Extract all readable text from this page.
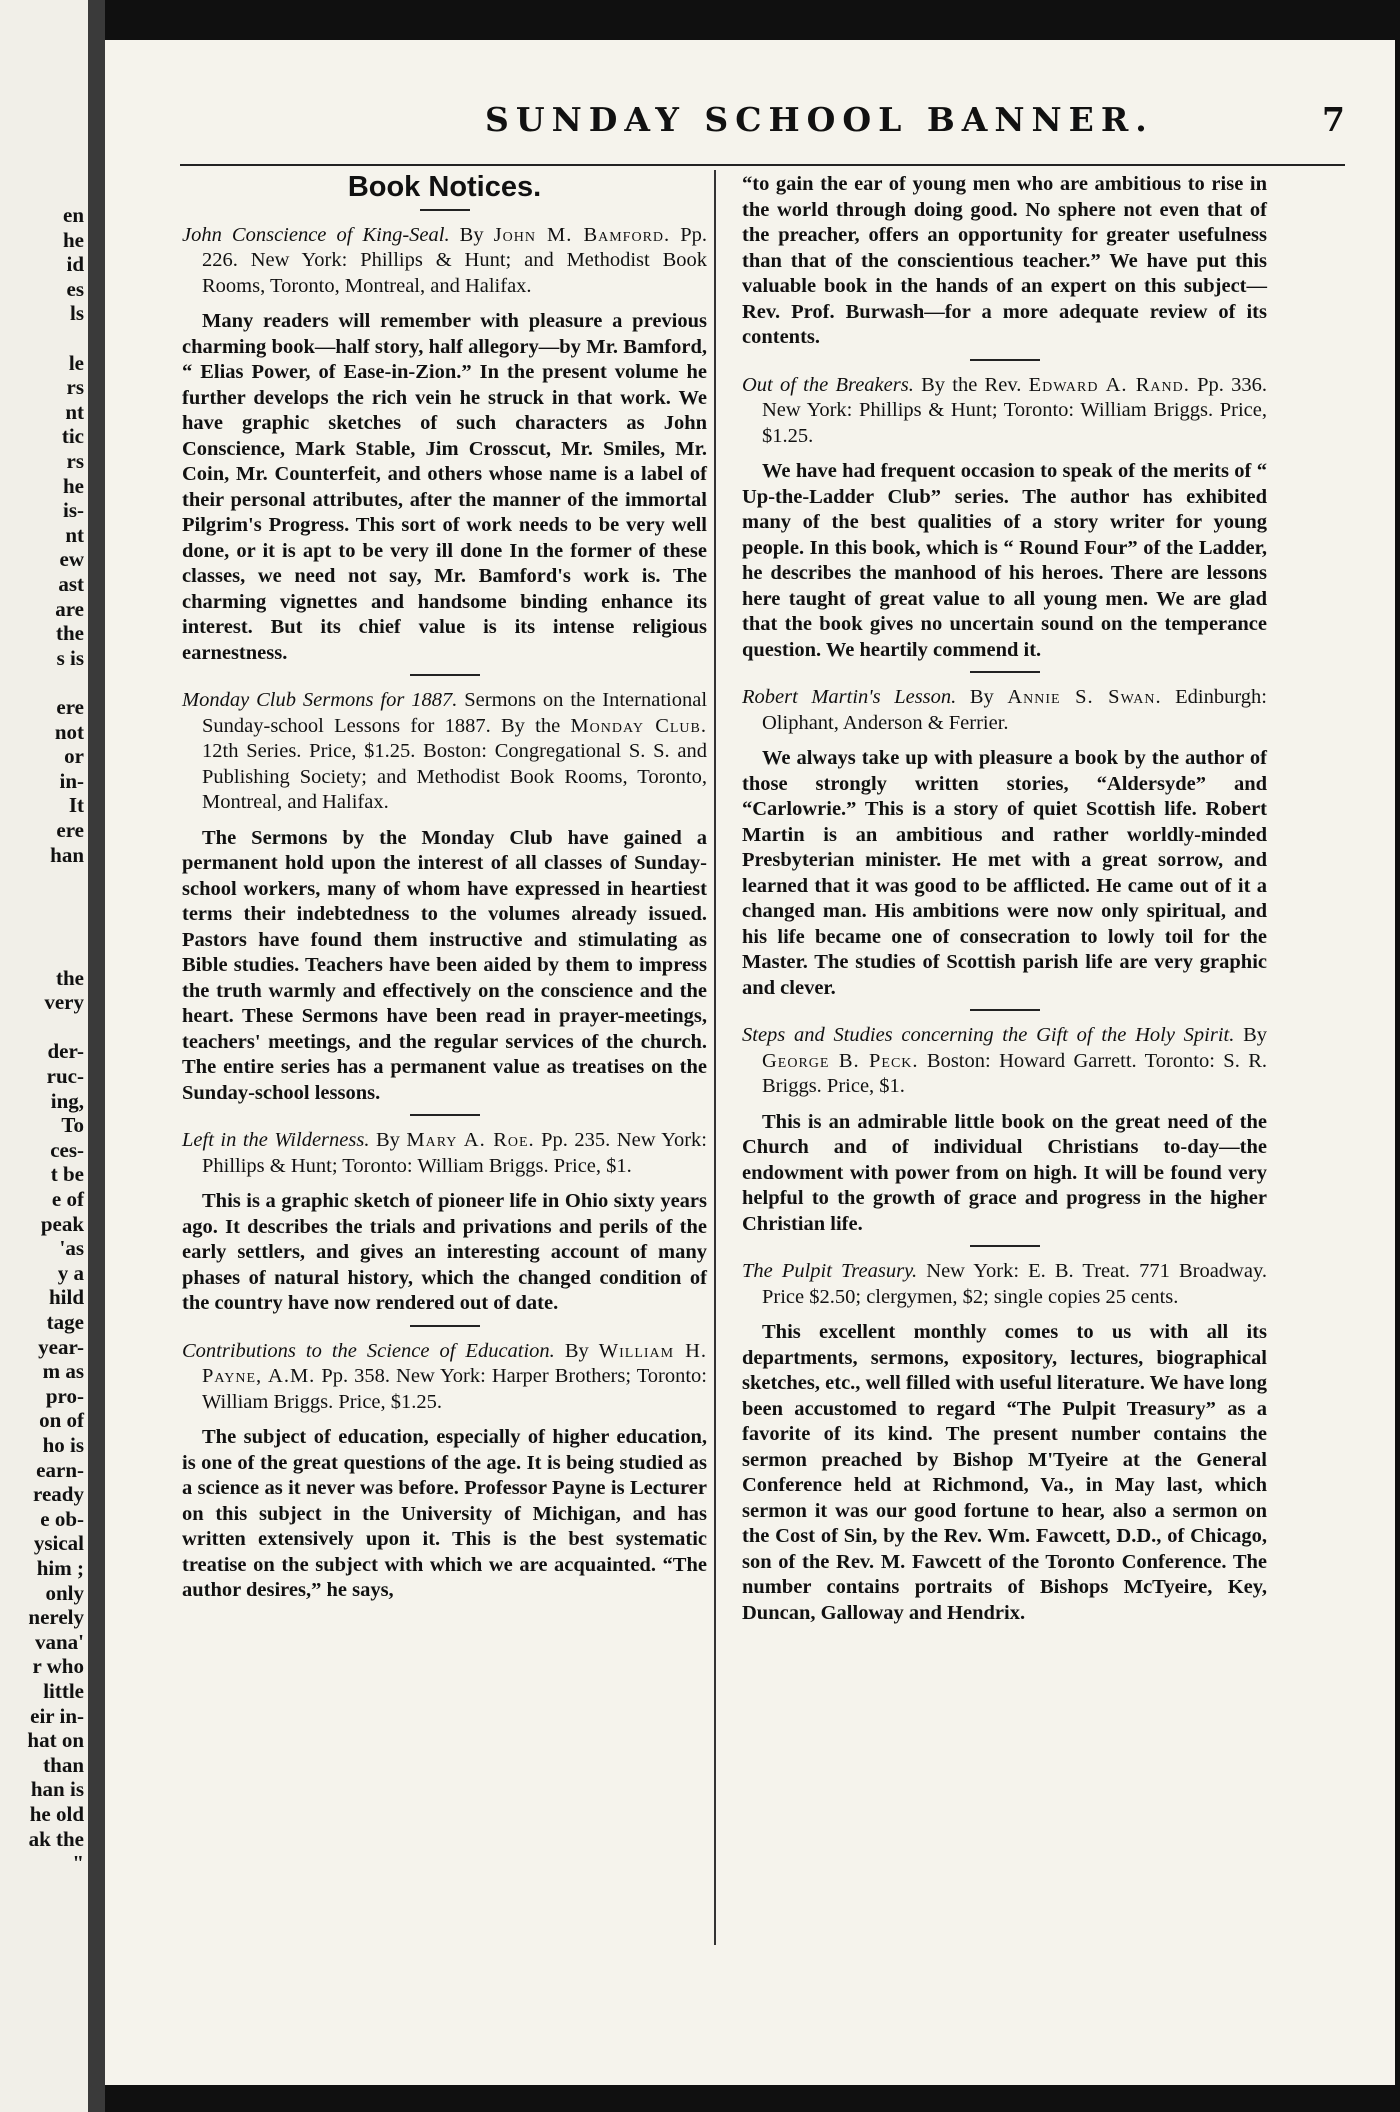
en
he
id
es
ls
le
rs
nt
tic
rs
he
is-
nt
ew
ast
are
the
s is
ere
not
or
in-
It
ere
han
the
very
der-
ruc-
ing,
To
ces-
t be
e of
peak
'as
y a
hild
tage
year-
m as
pro-
on of
ho is
earn-
ready
e ob-
ysical
him ;
only
nerely
vana'
r who
little
eir in-
hat on
than
han is
he old
ak the
"
SUNDAY SCHOOL BANNER.	7
Book Notices.

John Conscience of King-Seal. By John M. Bamford. Pp. 226. New York: Phillips & Hunt; and Methodist Book Rooms, Toronto, Montreal, and Halifax.

Many readers will remember with pleasure a previous charming book—half story, half allegory—by Mr. Bamford, “ Elias Power, of Ease-in-Zion.” In the present volume he further develops the rich vein he struck in that work. We have graphic sketches of such characters as John Conscience, Mark Stable, Jim Crosscut, Mr. Smiles, Mr. Coin, Mr. Counterfeit, and others whose name is a label of their personal attributes, after the manner of the immortal Pilgrim's Progress. This sort of work needs to be very well done, or it is apt to be very ill done In the former of these classes, we need not say, Mr. Bamford's work is. The charming vignettes and handsome binding enhance its interest. But its chief value is its intense religious earnestness.

Monday Club Sermons for 1887. Sermons on the International Sunday-school Lessons for 1887. By the Monday Club. 12th Series. Price, $1.25. Boston: Congregational S. S. and Publishing Society; and Methodist Book Rooms, Toronto, Montreal, and Halifax.

The Sermons by the Monday Club have gained a permanent hold upon the interest of all classes of Sunday-school workers, many of whom have expressed in heartiest terms their indebtedness to the volumes already issued. Pastors have found them instructive and stimulating as Bible studies. Teachers have been aided by them to impress the truth warmly and effectively on the conscience and the heart. These Sermons have been read in prayer-meetings, teachers' meetings, and the regular services of the church. The entire series has a permanent value as treatises on the Sunday-school lessons.

Left in the Wilderness. By Mary A. Roe. Pp. 235. New York: Phillips & Hunt; Toronto: William Briggs. Price, $1.

This is a graphic sketch of pioneer life in Ohio sixty years ago. It describes the trials and privations and perils of the early settlers, and gives an interesting account of many phases of natural history, which the changed condition of the country have now rendered out of date.

Contributions to the Science of Education. By William H. Payne, A.M. Pp. 358. New York: Harper Brothers; Toronto: William Briggs. Price, $1.25.

The subject of education, especially of higher education, is one of the great questions of the age. It is being studied as a science as it never was before. Professor Payne is Lecturer on this subject in the University of Michigan, and has written extensively upon it. This is the best systematic treatise on the subject with which we are acquainted. “The author desires,” he says,

“to gain the ear of young men who are ambitious to rise in the world through doing good. No sphere not even that of the preacher, offers an opportunity for greater usefulness than that of the conscientious teacher.” We have put this valuable book in the hands of an expert on this subject—Rev. Prof. Burwash—for a more adequate review of its contents.

Out of the Breakers. By the Rev. Edward A. Rand. Pp. 336. New York: Phillips & Hunt; Toronto: William Briggs. Price, $1.25.

We have had frequent occasion to speak of the merits of “ Up-the-Ladder Club” series. The author has exhibited many of the best qualities of a story writer for young people. In this book, which is “ Round Four” of the Ladder, he describes the manhood of his heroes. There are lessons here taught of great value to all young men. We are glad that the book gives no uncertain sound on the temperance question. We heartily commend it.

Robert Martin's Lesson. By Annie S. Swan. Edinburgh: Oliphant, Anderson & Ferrier.

We always take up with pleasure a book by the author of those strongly written stories, “Aldersyde” and “Carlowrie.” This is a story of quiet Scottish life. Robert Martin is an ambitious and rather worldly-minded Presbyterian minister. He met with a great sorrow, and learned that it was good to be afflicted. He came out of it a changed man. His ambitions were now only spiritual, and his life became one of consecration to lowly toil for the Master. The studies of Scottish parish life are very graphic and clever.

Steps and Studies concerning the Gift of the Holy Spirit. By George B. Peck. Boston: Howard Garrett. Toronto: S. R. Briggs. Price, $1.

This is an admirable little book on the great need of the Church and of individual Christians to-day—the endowment with power from on high. It will be found very helpful to the growth of grace and progress in the higher Christian life.

The Pulpit Treasury. New York: E. B. Treat. 771 Broadway. Price $2.50; clergymen, $2; single copies 25 cents.

This excellent monthly comes to us with all its departments, sermons, expository, lectures, biographical sketches, etc., well filled with useful literature. We have long been accustomed to regard “The Pulpit Treasury” as a favorite of its kind. The present number contains the sermon preached by Bishop M'Tyeire at the General Conference held at Richmond, Va., in May last, which sermon it was our good fortune to hear, also a sermon on the Cost of Sin, by the Rev. Wm. Fawcett, D.D., of Chicago, son of the Rev. M. Fawcett of the Toronto Conference. The number contains portraits of Bishops McTyeire, Key, Duncan, Galloway and Hendrix.
